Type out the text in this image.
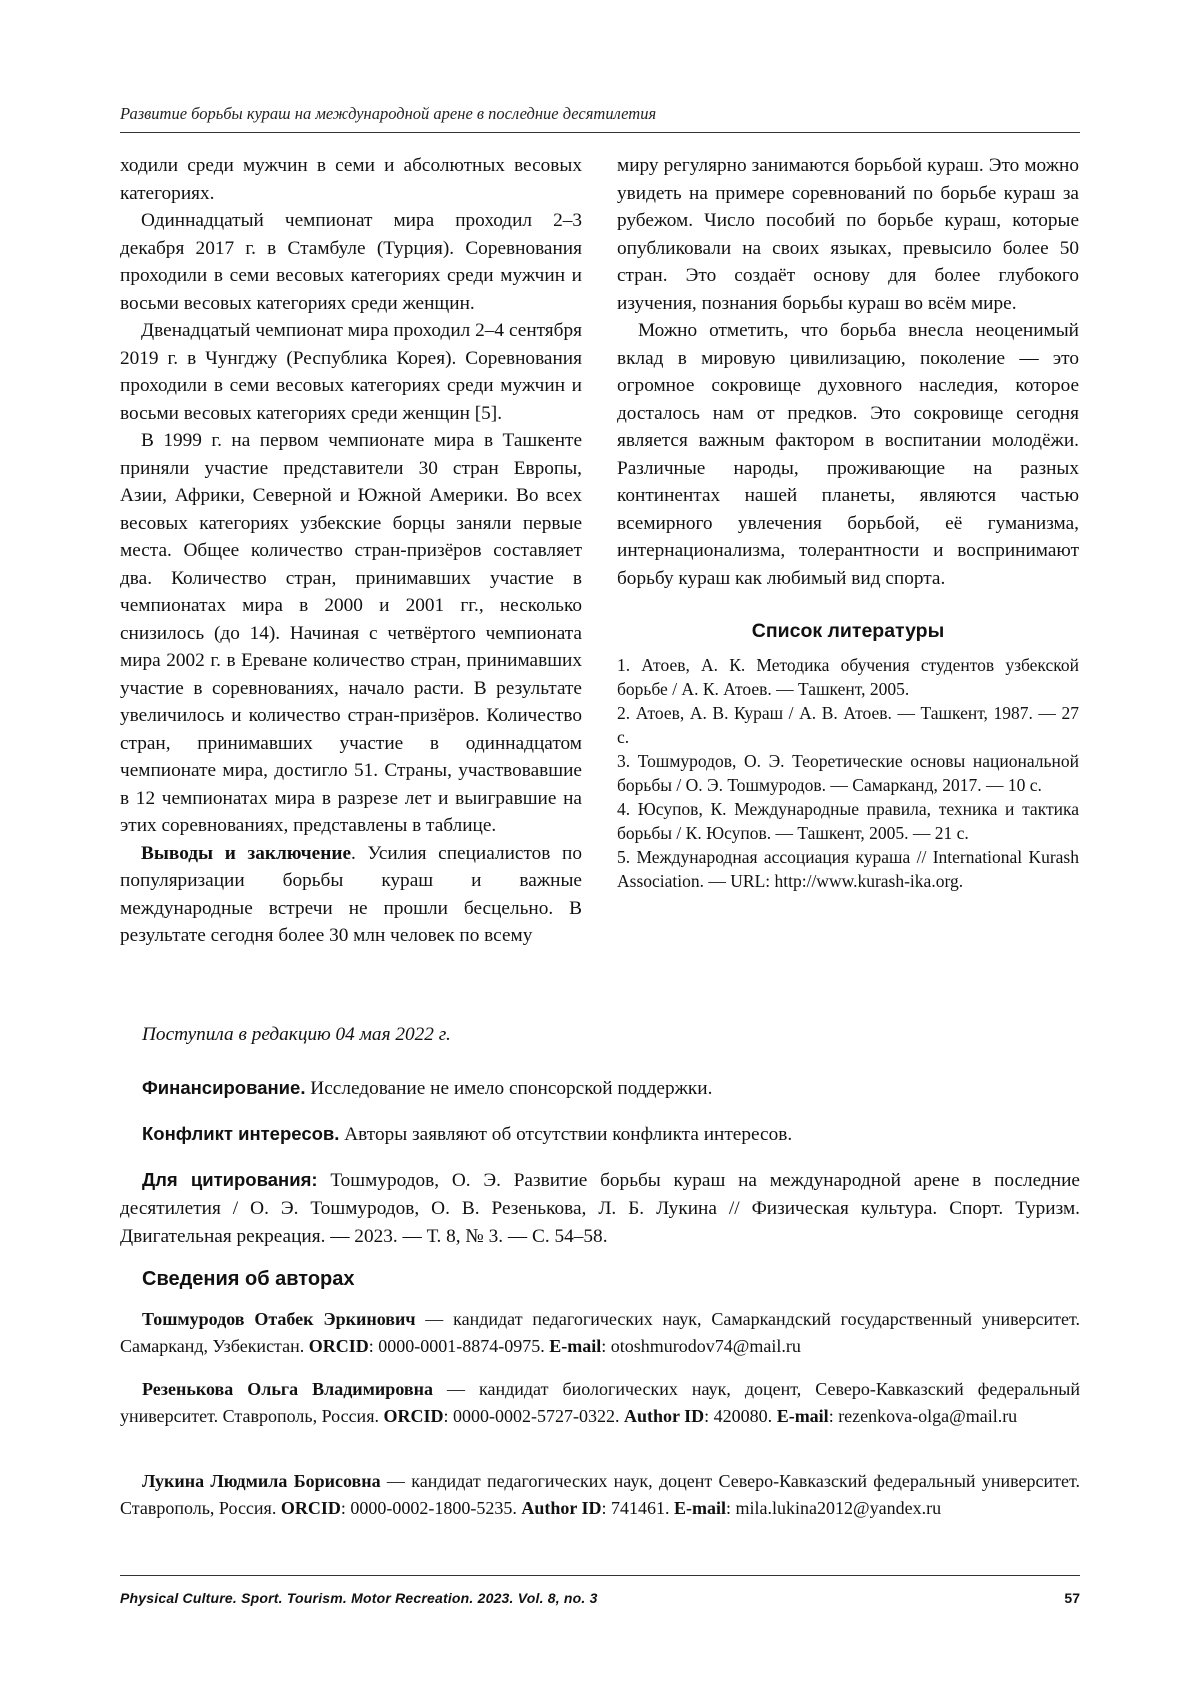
Развитие борьбы кураш на международной арене в последние десятилетия

ходили среди мужчин в семи и абсолютных весовых категориях.

Одиннадцатый чемпионат мира проходил 2–3 декабря 2017 г. в Стамбуле (Турция). Соревнования проходили в семи весовых категориях среди мужчин и восьми весовых категориях среди женщин.

Двенадцатый чемпионат мира проходил 2–4 сентября 2019 г. в Чунгджу (Республика Корея). Соревнования проходили в семи весовых категориях среди мужчин и восьми весовых категориях среди женщин [5].

В 1999 г. на первом чемпионате мира в Ташкенте приняли участие представители 30 стран Европы, Азии, Африки, Северной и Южной Америки. Во всех весовых категориях узбекские борцы заняли первые места. Общее количество стран-призёров составляет два. Количество стран, принимавших участие в чемпионатах мира в 2000 и 2001 гг., несколько снизилось (до 14). Начиная с четвёртого чемпионата мира 2002 г. в Ереване количество стран, принимавших участие в соревнованиях, начало расти. В результате увеличилось и количество стран-призёров. Количество стран, принимавших участие в одиннадцатом чемпионате мира, достигло 51. Страны, участвовавшие в 12 чемпионатах мира в разрезе лет и выигравшие на этих соревнованиях, представлены в таблице.

Выводы и заключение. Усилия специалистов по популяризации борьбы кураш и важные международные встречи не прошли бесцельно. В результате сегодня более 30 млн человек по всему

миру регулярно занимаются борьбой кураш. Это можно увидеть на примере соревнований по борьбе кураш за рубежом. Число пособий по борьбе кураш, которые опубликовали на своих языках, превысило более 50 стран. Это создаёт основу для более глубокого изучения, познания борьбы кураш во всём мире.

Можно отметить, что борьба внесла неоценимый вклад в мировую цивилизацию, поколение — это огромное сокровище духовного наследия, которое досталось нам от предков. Это сокровище сегодня является важным фактором в воспитании молодёжи. Различные народы, проживающие на разных континентах нашей планеты, являются частью всемирного увлечения борьбой, её гуманизма, интернационализма, толерантности и воспринимают борьбу кураш как любимый вид спорта.

Список литературы

1. Атоев, А. К. Методика обучения студентов узбекской борьбе / А. К. Атоев. — Ташкент, 2005.

2. Атоев, А. В. Кураш / А. В. Атоев. — Ташкент, 1987. — 27 с.

3. Тошмуродов, О. Э. Теоретические основы национальной борьбы / О. Э. Тошмуродов. — Самарканд, 2017. — 10 с.

4. Юсупов, К. Международные правила, техника и тактика борьбы / К. Юсупов. — Ташкент, 2005. — 21 с.

5. Международная ассоциация кураша // International Kurash Association. — URL: http://www.kurash-ika.org.

Поступила в редакцию 04 мая 2022 г.
Финансирование. Исследование не имело спонсорской поддержки.
Конфликт интересов. Авторы заявляют об отсутствии конфликта интересов.
Для цитирования: Тошмуродов, О. Э. Развитие борьбы кураш на международной арене в последние десятилетия / О. Э. Тошмуродов, О. В. Резенькова, Л. Б. Лукина // Физическая культура. Спорт. Туризм. Двигательная рекреация. — 2023. — Т. 8, № 3. — С. 54–58.
Сведения об авторах
Тошмуродов Отабек Эркинович — кандидат педагогических наук, Самаркандский государственный университет. Самарканд, Узбекистан. ORCID: 0000-0001-8874-0975. E-mail: otoshmurodov74@mail.ru
Резенькова Ольга Владимировна — кандидат биологических наук, доцент, Северо-Кавказский федеральный университет. Ставрополь, Россия. ORCID: 0000-0002-5727-0322. Author ID: 420080. E-mail: rezenkova-olga@mail.ru
Лукина Людмила Борисовна — кандидат педагогических наук, доцент Северо-Кавказский федеральный университет. Ставрополь, Россия. ORCID: 0000-0002-1800-5235. Author ID: 741461. E-mail: mila.lukina2012@yandex.ru
Physical Culture. Sport. Tourism. Motor Recreation. 2023. Vol. 8, no. 3	57
